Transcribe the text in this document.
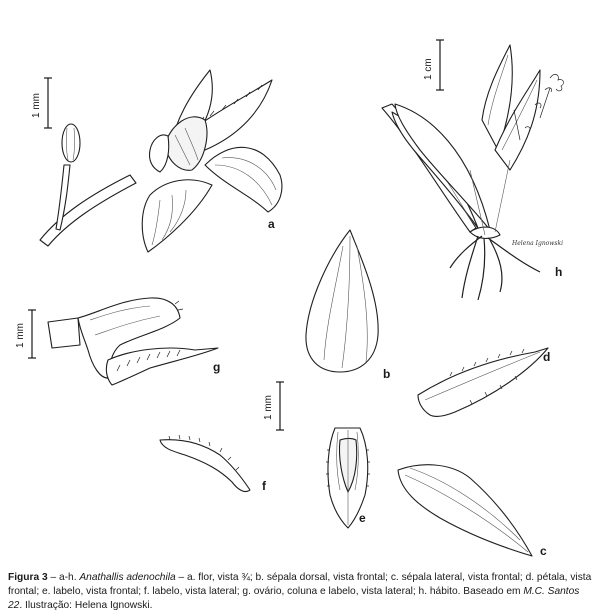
1 mm
a
1 cm
Helena Ignowski
h
b
1 mm
g
d
1 mm
f
e
c
Figura 3 – a-h. Anathallis adenochila – a. flor, vista ¾; b. sépala dorsal, vista frontal; c. sépala lateral, vista frontal; d. pétala, vista frontal; e. labelo, vista frontal; f. labelo, vista lateral; g. ovário, coluna e labelo, vista lateral; h. hábito. Baseado em M.C. Santos 22. Ilustração: Helena Ignowski.
